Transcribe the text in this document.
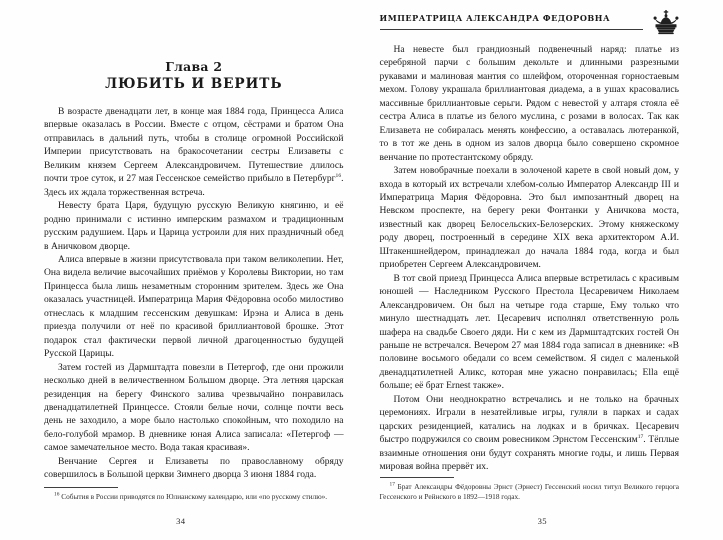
Глава 2
ЛЮБИТЬ И ВЕРИТЬ

В возрасте двенадцати лет, в конце мая 1884 года, Принцесса Алиса впервые оказалась в России. Вместе с отцом, сёстрами и братом Она отправилась в дальний путь, чтобы в столице огромной Российской Империи присутствовать на бракосочетании сестры Елизаветы с Великим князем Сергеем Александровичем. Путешествие длилось почти трое суток, и 27 мая Гессенское семейство прибыло в Петербург$^{16}$. Здесь их ждала торжественная встреча.

Невесту брата Царя, будущую русскую Великую княгиню, и её родню принимали с истинно имперским размахом и традиционным русским радушием. Царь и Царица устроили для них праздничный обед в Аничковом дворце.

Алиса впервые в жизни присутствовала при таком великолепии. Нет, Она видела величие высочайших приёмов у Королевы Виктории, но там Принцесса была лишь незаметным сторонним зрителем. Здесь же Она оказалась участницей. Императрица Мария Фёдоровна особо милостиво отнеслась к младшим гессенским девушкам: Ирэна и Алиса в день приезда получили от неё по красивой бриллиантовой брошке. Этот подарок стал фактически первой личной драгоценностью будущей Русской Царицы.

Затем гостей из Дармштадта повезли в Петергоф, где они прожили несколько дней в величественном Большом дворце. Эта летняя царская резиденция на берегу Финского залива чрезвычайно понравилась двенадцатилетней Принцессе. Стояли белые ночи, солнце почти весь день не заходило, а море было настолько спокойным, что походило на бело-голубой мрамор. В дневнике юная Алиса записала: «Петергоф — самое замечательное место. Вода такая красивая».

Венчание Сергея и Елизаветы по православному обряду совершилось в Большой церкви Зимнего дворца 3 июня 1884 года.

$^{16}$ События в России приводятся по Юлианскому календарю, или «по русскому стилю».

34
ИМПЕРАТРИЦА АЛЕКСАНДРА ФЕДОРОВНА

На невесте был грандиозный подвенечный наряд: платье из серебряной парчи с большим декольте и длинными разрезными рукавами и малиновая мантия со шлейфом, отороченная горностаевым мехом. Голову украшала бриллиантовая диадема, а в ушах красовались массивные бриллиантовые серьги. Рядом с невестой у алтаря стояла её сестра Алиса в платье из белого муслина, с розами в волосах. Так как Елизавета не собиралась менять конфессию, а оставалась лютеранкой, то в тот же день в одном из залов дворца было совершено скромное венчание по протестантскому обряду.

Затем новобрачные поехали в золоченой карете в свой новый дом, у входа в который их встречали хлебом-солью Император Александр III и Императрица Мария Фёдоровна. Это был импозантный дворец на Невском проспекте, на берегу реки Фонтанки у Аничкова моста, известный как дворец Белосельских-Белозерских. Этому княжескому роду дворец, построенный в середине XIX века архитектором А.И. Штакеншнейдером, принадлежал до начала 1884 года, когда и был приобретен Сергеем Александровичем.

В тот свой приезд Принцесса Алиса впервые встретилась с красивым юношей — Наследником Русского Престола Цесаревичем Николаем Александровичем. Он был на четыре года старше, Ему только что минуло шестнадцать лет. Цесаревич исполнял ответственную роль шафера на свадьбе Своего дяди. Ни с кем из Дармштадтских гостей Он раньше не встречался. Вечером 27 мая 1884 года записал в дневнике: «В половине восьмого обедали со всем семейством. Я сидел с маленькой двенадцатилетней Аликс, которая мне ужасно понравилась; Ella ещё больше; её брат Ernest также».

Потом Они неоднократно встречались и не только на брачных церемониях. Играли в незатейливые игры, гуляли в парках и садах царских резиденцией, катались на лодках и в бричках. Цесаревич быстро подружился со своим ровесником Эрнстом Гессенским$^{17}$. Тёплые взаимные отношения они будут сохранять многие годы, и лишь Первая мировая война прервёт их.

$^{17}$ Брат Александры Фёдоровны Эрнст (Эрнест) Гессенский носил титул Великого герцога Гессенского и Рейнского в 1892—1918 годах.

35
